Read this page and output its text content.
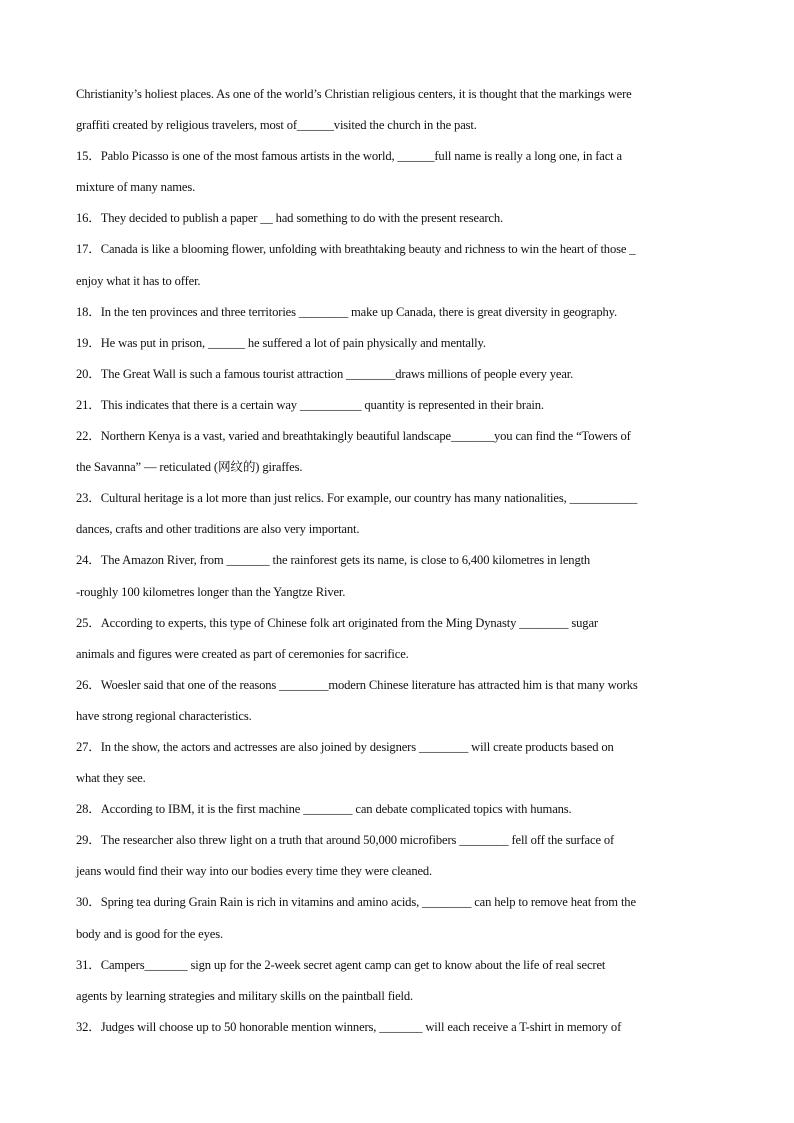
Christianity’s holiest places. As one of the world’s Christian religious centers, it is thought that the markings were
graffiti created by religious travelers, most of______visited the church in the past.
15．Pablo Picasso is one of the most famous artists in the world, ______full name is really a long one, in fact a
mixture of many names.
16．They decided to publish a paper __ had something to do with the present research.
17．Canada is like a blooming flower, unfolding with breathtaking beauty and richness to win the heart of those _
enjoy what it has to offer.
18．In the ten provinces and three territories ________ make up Canada, there is great diversity in geography.
19．He was put in prison, ______ he suffered a lot of pain physically and mentally.
20．The Great Wall is such a famous tourist attraction ________draws millions of people every year.
21．This indicates that there is a certain way __________ quantity is represented in their brain.
22．Northern Kenya is a vast, varied and breathtakingly beautiful landscape_______you can find the “Towers of
the Savanna” — reticulated (网纹的) giraffes.
23．Cultural heritage is a lot more than just relics. For example, our country has many nationalities, ___________
dances, crafts and other traditions are also very important.
24．The Amazon River, from _______ the rainforest gets its name, is close to 6,400 kilometres in length
-roughly 100 kilometres longer than the Yangtze River.
25．According to experts, this type of Chinese folk art originated from the Ming Dynasty ________ sugar
animals and figures were created as part of ceremonies for sacrifice.
26．Woesler said that one of the reasons ________modern Chinese literature has attracted him is that many works
have strong regional characteristics.
27．In the show, the actors and actresses are also joined by designers ________ will create products based on
what they see.
28．According to IBM, it is the first machine ________ can debate complicated topics with humans.
29．The researcher also threw light on a truth that around 50,000 microfibers ________ fell off the surface of
jeans would find their way into our bodies every time they were cleaned.
30．Spring tea during Grain Rain is rich in vitamins and amino acids, ________ can help to remove heat from the
body and is good for the eyes.
31．Campers_______ sign up for the 2-week secret agent camp can get to know about the life of real secret
agents by learning strategies and military skills on the paintball field.
32．Judges will choose up to 50 honorable mention winners, _______ will each receive a T-shirt in memory of
